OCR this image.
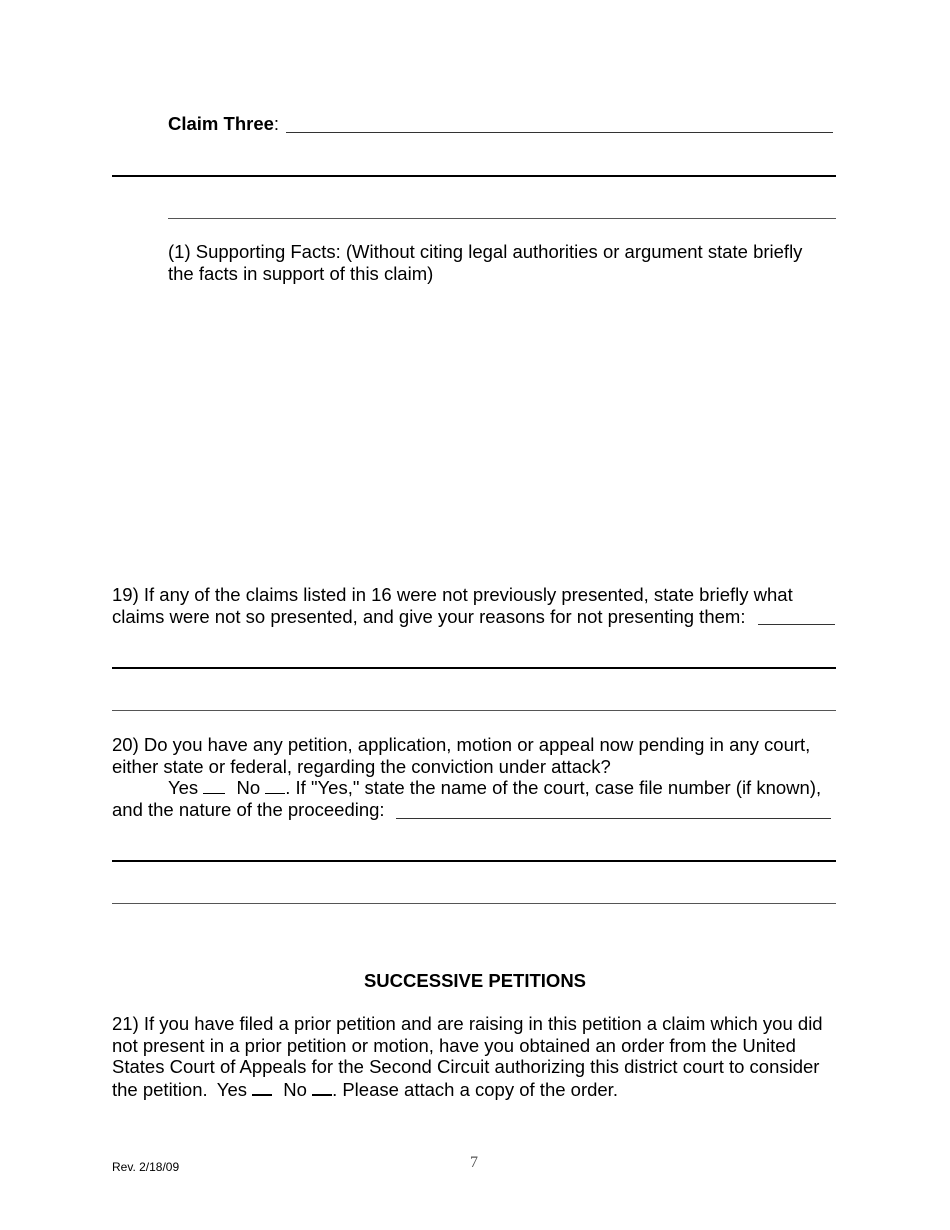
Claim Three:
(1) Supporting Facts: (Without citing legal authorities or argument state briefly
the facts in support of this claim)
19) If any of the claims listed in 16 were not previously presented, state briefly what
claims were not so presented, and give your reasons for not presenting them:
20) Do you have any petition, application, motion or appeal now pending in any court,
either state or federal, regarding the conviction under attack?
Yes No . If "Yes," state the name of the court, case file number (if known),
and the nature of the proceeding:
SUCCESSIVE PETITIONS
21) If you have filed a prior petition and are raising in this petition a claim which you did
not present in a prior petition or motion, have you obtained an order from the United
States Court of Appeals for the Second Circuit authorizing this district court to consider
the petition. Yes No . Please attach a copy of the order.
Rev. 2/18/09	7
